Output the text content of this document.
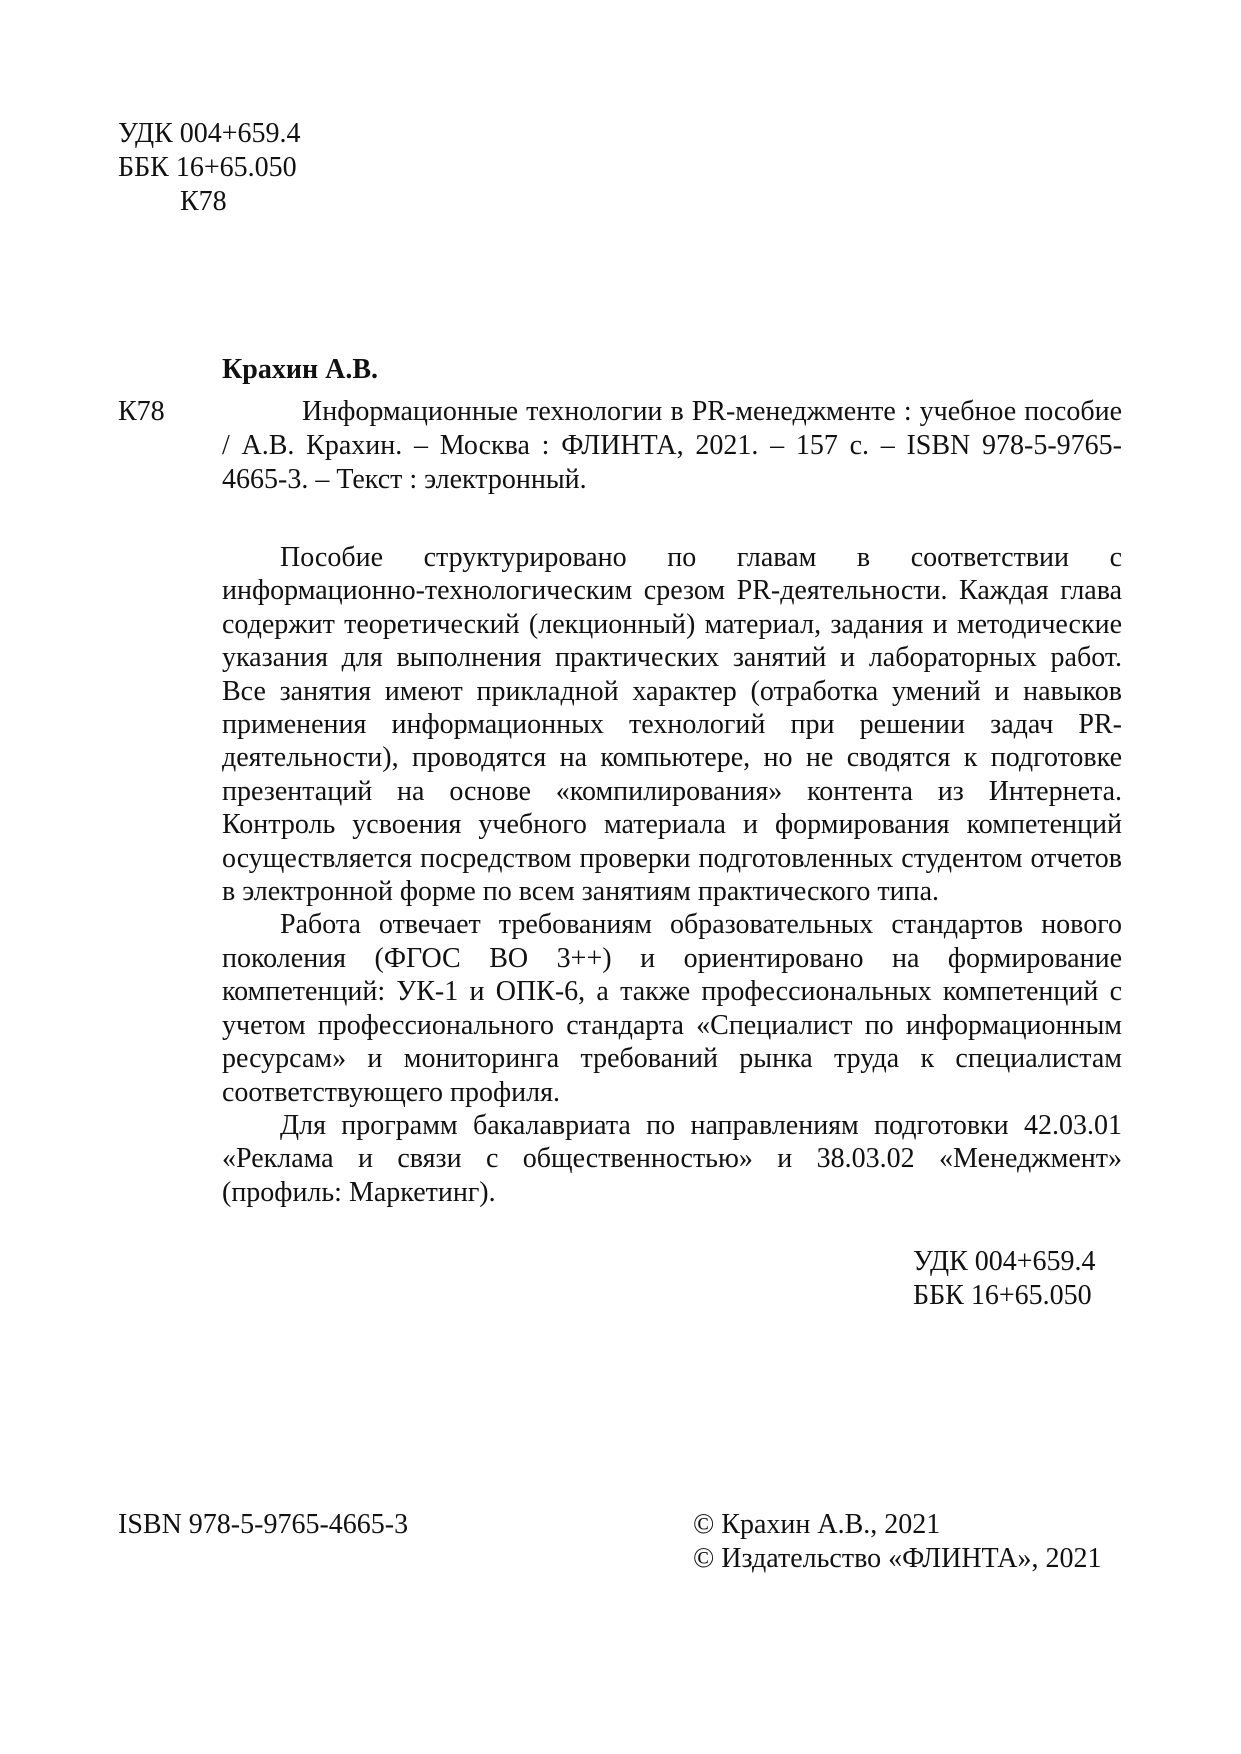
УДК 004+659.4
ББК 16+65.050
К78
Крахин А.В.
К78	Информационные технологии в PR-менеджменте : учебное пособие / А.В. Крахин. – Москва : ФЛИНТА, 2021. – 157 с. – ISBN 978-5-9765-4665-3. – Текст : электронный.

Пособие структурировано по главам в соответствии с информационно-технологическим срезом PR-деятельности. Каждая глава содержит теоретический (лекционный) материал, задания и методические указания для выполнения практических занятий и лабораторных работ. Все занятия имеют прикладной характер (отработка умений и навыков применения информационных технологий при решении задач PR-деятельности), проводятся на компьютере, но не сводятся к подготовке презентаций на основе «компилирования» контента из Интернета. Контроль усвоения учебного материала и формирования компетенций осуществляется посредством проверки подготовленных студентом отчетов в электронной форме по всем занятиям практического типа.

Работа отвечает требованиям образовательных стандартов нового поколения (ФГОС ВО 3++) и ориентировано на формирование компетенций: УК-1 и ОПК-6, а также профессиональных компетенций с учетом профессионального стандарта «Специалист по информационным ресурсам» и мониторинга требований рынка труда к специалистам соответствующего профиля.

Для программ бакалавриата по направлениям подготовки 42.03.01 «Реклама и связи с общественностью» и 38.03.02 «Менеджмент» (профиль: Маркетинг).

УДК 004+659.4
ББК 16+65.050
ISBN 978-5-9765-4665-3	© Крахин А.В., 2021
© Издательство «ФЛИНТА», 2021
